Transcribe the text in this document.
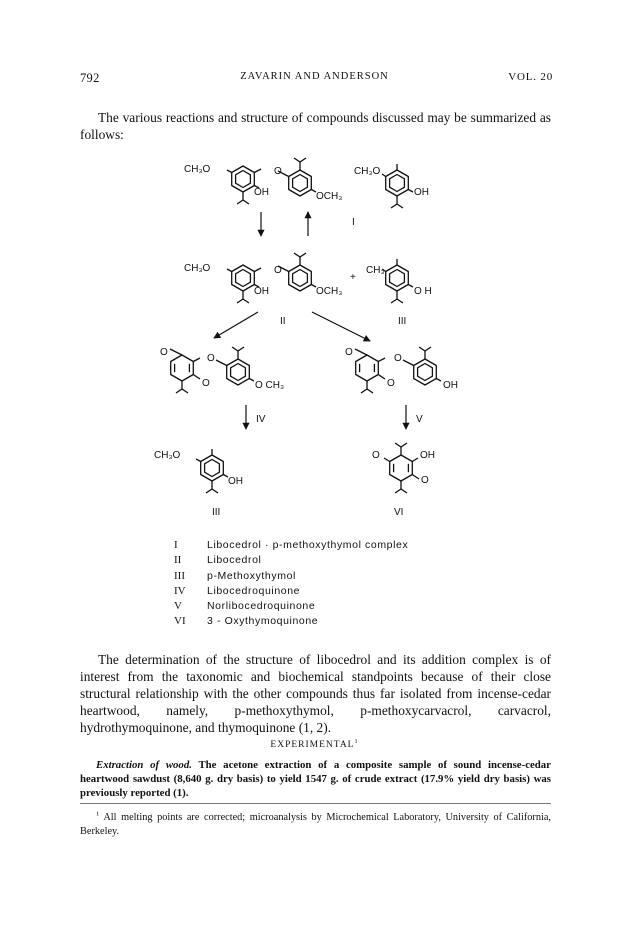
792	ZAVARIN AND ANDERSON	VOL. 20
The various reactions and structure of compounds discussed may be summarized as follows:
CH₃O	O
OH	OCH₃
CH₃O
OH
I
CH₃O	O
OH	OCH₃
CH₃
+
O H
II	III
O
O
O	O CH₃
O
O
O	OH
IV	V
CH₃O
OH
III
O	OH
O
VI
I	Libocedrol · p-methoxythymol complex
II	Libocedrol
III	p-Methoxythymol
IV	Libocedroquinone
V	Norlibocedroquinone
VI	3 - Oxythymoquinone
The determination of the structure of libocedrol and its addition complex is of interest from the taxonomic and biochemical standpoints because of their close structural relationship with the other compounds thus far isolated from incense-cedar heartwood, namely, p-methoxythymol, p-methoxycarvacrol, carvacrol, hydrothymoquinone, and thymoquinone (1, 2).
EXPERIMENTAL$^1$
Extraction of wood. The acetone extraction of a composite sample of sound incense-cedar heartwood sawdust (8,640 g. dry basis) to yield 1547 g. of crude extract (17.9% yield dry basis) was previously reported (1).
$^1$ All melting points are corrected; microanalysis by Microchemical Laboratory, University of California, Berkeley.
